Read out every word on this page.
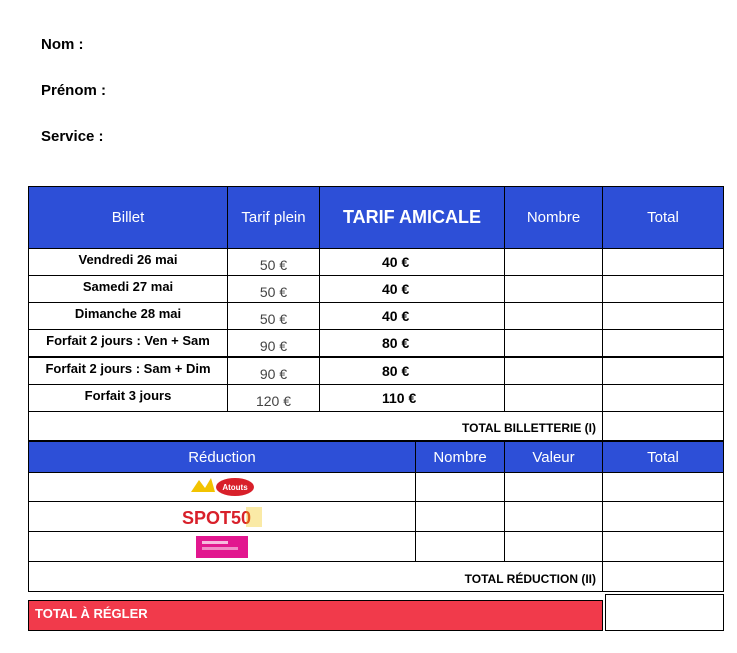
Nom :
Prénom :
Service :
Billet	Tarif plein	TARIF AMICALE	Nombre	Total
Vendredi 26 mai	50 €	40 €
Samedi 27 mai	50 €	40 €
Dimanche 28 mai	50 €	40 €
Forfait 2 jours : Ven + Sam	90 €	80 €
Forfait 2 jours : Sam + Dim	90 €	80 €
Forfait 3 jours	120 €	110 €
TOTAL BILLETTERIE (I)
Réduction	Nombre	Valeur	Total
Atouts
SPOT50
TOTAL RÉDUCTION (II)
TOTAL À RÉGLER
